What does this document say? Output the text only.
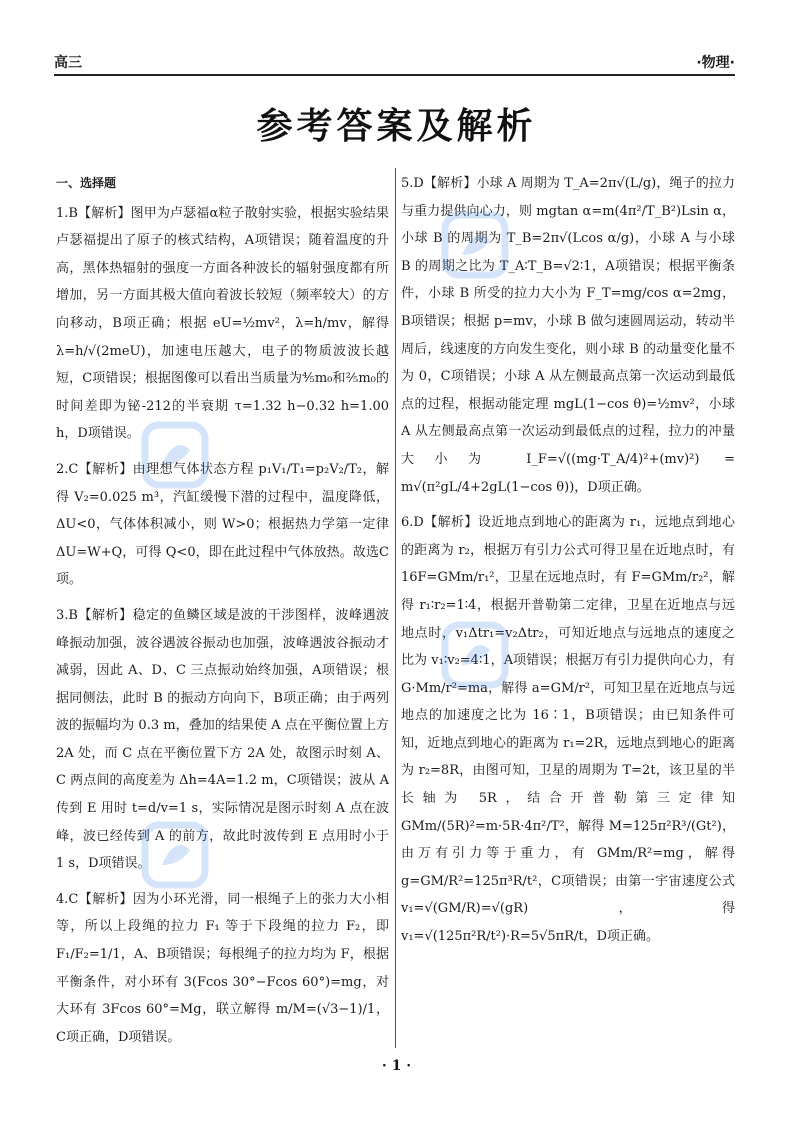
高三	·物理·
参考答案及解析
一、选择题

1.B【解析】图甲为卢瑟福α粒子散射实验，根据实验结果卢瑟福提出了原子的核式结构，A项错误；随着温度的升高，黑体热辐射的强度一方面各种波长的辐射强度都有所增加，另一方面其极大值向着波长较短（频率较大）的方向移动，B项正确；根据 eU=½mv²，λ=h/mv，解得 λ=h/√(2meU)，加速电压越大，电子的物质波波长越短，C项错误；根据图像可以看出当质量为⅘m₀和⅖m₀的时间差即为铋-212的半衰期 τ=1.32 h−0.32 h=1.00 h，D项错误。

2.C【解析】由理想气体状态方程 p₁V₁/T₁=p₂V₂/T₂，解得 V₂=0.025 m³，汽缸缓慢下潜的过程中，温度降低，ΔU<0，气体体积减小，则 W>0；根据热力学第一定律 ΔU=W+Q，可得 Q<0，即在此过程中气体放热。故选C项。

3.B【解析】稳定的鱼鳞区域是波的干涉图样，波峰遇波峰振动加强，波谷遇波谷振动也加强，波峰遇波谷振动才减弱，因此 A、D、C 三点振动始终加强，A项错误；根据同侧法，此时 B 的振动方向向下，B项正确；由于两列波的振幅均为 0.3 m，叠加的结果使 A 点在平衡位置上方 2A 处，而 C 点在平衡位置下方 2A 处，故图示时刻 A、C 两点间的高度差为 Δh=4A=1.2 m，C项错误；波从 A 传到 E 用时 t=d/v=1 s，实际情况是图示时刻 A 点在波峰，波已经传到 A 的前方，故此时波传到 E 点用时小于 1 s，D项错误。

4.C【解析】因为小环光滑，同一根绳子上的张力大小相等，所以上段绳的拉力 F₁ 等于下段绳的拉力 F₂，即 F₁/F₂=1/1，A、B项错误；每根绳子的拉力均为 F，根据平衡条件，对小环有 3(Fcos 30°−Fcos 60°)=mg，对大环有 3Fcos 60°=Mg，联立解得 m/M=(√3−1)/1，C项正确，D项错误。

5.D【解析】小球 A 周期为 T_A=2π√(L/g)，绳子的拉力与重力提供向心力，则 mgtan α=m(4π²/T_B²)Lsin α，小球 B 的周期为 T_B=2π√(Lcos α/g)，小球 A 与小球 B 的周期之比为 T_A∶T_B=√2∶1，A项错误；根据平衡条件，小球 B 所受的拉力大小为 F_T=mg/cos α=2mg，B项错误；根据 p=mv，小球 B 做匀速圆周运动，转动半周后，线速度的方向发生变化，则小球 B 的动量变化量不为 0，C项错误；小球 A 从左侧最高点第一次运动到最低点的过程，根据动能定理 mgL(1−cos θ)=½mv²，小球 A 从左侧最高点第一次运动到最低点的过程，拉力的冲量大小为 I_F=√((mg·T_A/4)²+(mv)²) = m√(π²gL/4+2gL(1−cos θ))，D项正确。

6.D【解析】设近地点到地心的距离为 r₁，远地点到地心的距离为 r₂，根据万有引力公式可得卫星在近地点时，有 16F=GMm/r₁²，卫星在远地点时，有 F=GMm/r₂²，解得 r₁∶r₂=1∶4，根据开普勒第二定律，卫星在近地点与远地点时，v₁Δtr₁=v₂Δtr₂，可知近地点与远地点的速度之比为 v₁∶v₂=4∶1，A项错误；根据万有引力提供向心力，有 G·Mm/r²=ma，解得 a=GM/r²，可知卫星在近地点与远地点的加速度之比为 16∶1，B项错误；由已知条件可知，近地点到地心的距离为 r₁=2R，远地点到地心的距离为 r₂=8R，由图可知，卫星的周期为 T=2t，该卫星的半长轴为 5R，结合开普勒第三定律知 GMm/(5R)²=m·5R·4π²/T²，解得 M=125π²R³/(Gt²)，由万有引力等于重力，有 GMm/R²=mg，解得 g=GM/R²=125π³R/t²，C项错误；由第一宇宙速度公式 v₁=√(GM/R)=√(gR)，得 v₁=√(125π²R/t²)·R=5√5πR/t，D项正确。

· 1 ·
